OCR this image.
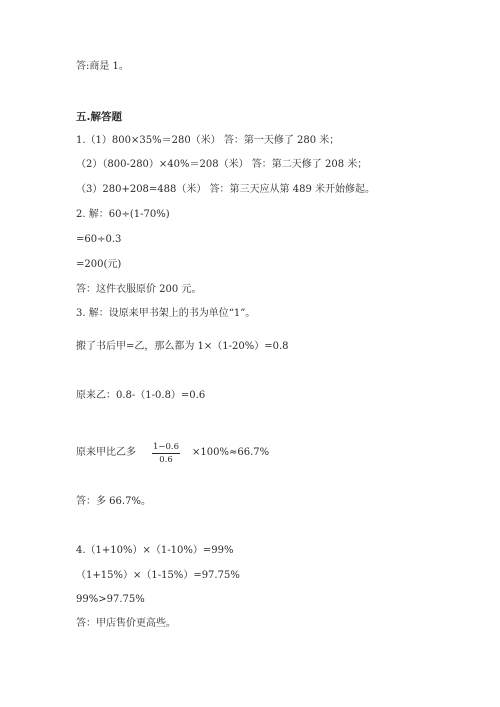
答:商是 1。
五.解答题
1.（1）800×35%＝280（米） 答：第一天修了 280 米；
（2）（800-280）×40%＝208（米） 答：第二天修了 208 米；
（3）280+208=488（米） 答：第三天应从第 489 米开始修起。
2. 解：60÷(1-70%)
=60÷0.3
=200(元)
答：这件衣服原价 200 元。
3. 解：设原来甲书架上的书为单位“1”。
搬了书后甲=乙，那么都为 1×（1-20%）=0.8
原来乙：0.8-（1-0.8）=0.6
原来甲比乙多 $\frac{1-0.6}{0.6} \times 100\%\approx 66.7\%$
答：多 66.7%。
4.（1+10%）×（1-10%）=99%
（1+15%）×（1-15%）=97.75%
99%>97.75%
答：甲店售价更高些。
